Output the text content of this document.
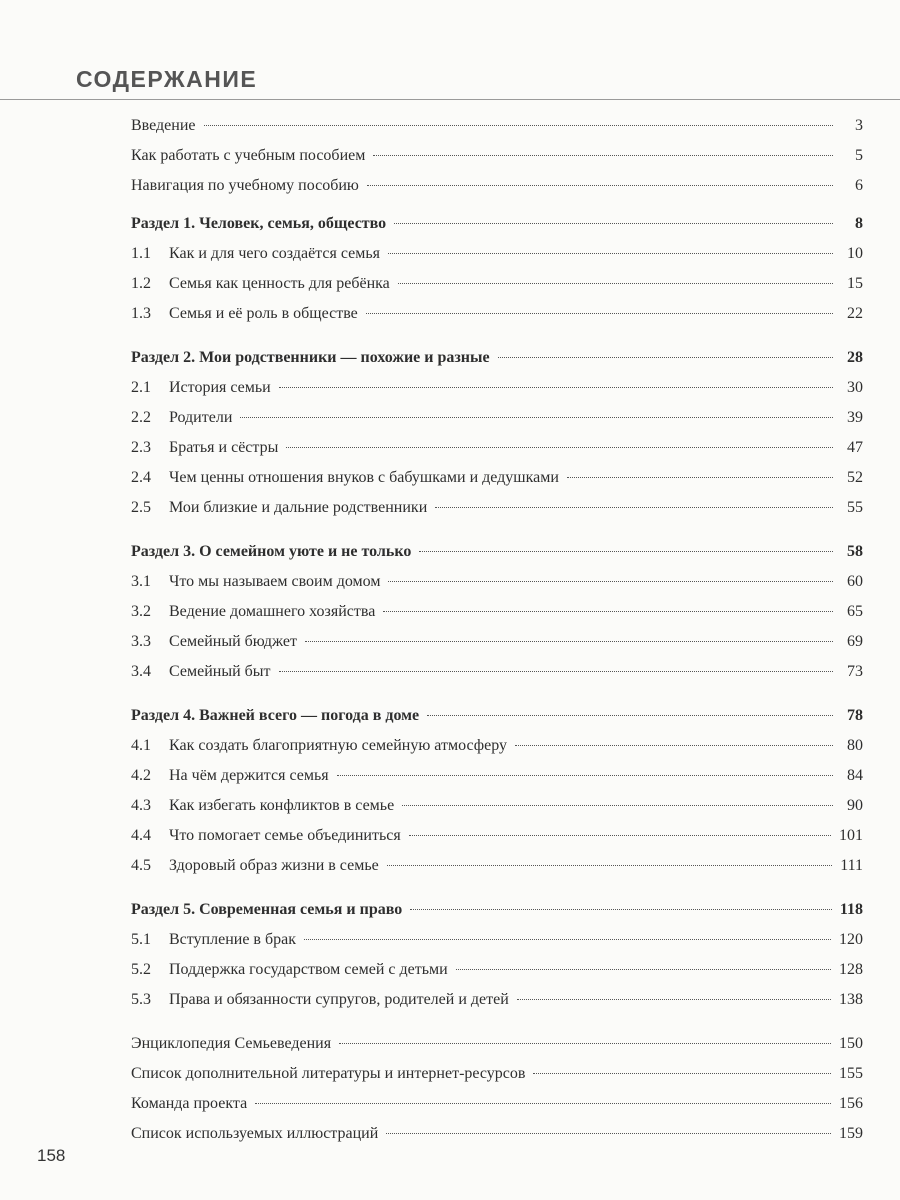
СОДЕРЖАНИЕ
Введение	3
Как работать с учебным пособием	5
Навигация по учебному пособию	6
Раздел 1. Человек, семья, общество	8
1.1	Как и для чего создаётся семья	10
1.2	Семья как ценность для ребёнка	15
1.3	Семья и её роль в обществе	22
Раздел 2. Мои родственники — похожие и разные	28
2.1	История семьи	30
2.2	Родители	39
2.3	Братья и сёстры	47
2.4	Чем ценны отношения внуков с бабушками и дедушками	52
2.5	Мои близкие и дальние родственники	55
Раздел 3. О семейном уюте и не только	58
3.1	Что мы называем своим домом	60
3.2	Ведение домашнего хозяйства	65
3.3	Семейный бюджет	69
3.4	Семейный быт	73
Раздел 4. Важней всего — погода в доме	78
4.1	Как создать благоприятную семейную атмосферу	80
4.2	На чём держится семья	84
4.3	Как избегать конфликтов в семье	90
4.4	Что помогает семье объединиться	101
4.5	Здоровый образ жизни в семье	111
Раздел 5. Современная семья и право	118
5.1	Вступление в брак	120
5.2	Поддержка государством семей с детьми	128
5.3	Права и обязанности супругов, родителей и детей	138
Энциклопедия Семьеведения	150
Список дополнительной литературы и интернет-ресурсов	155
Команда проекта	156
Список используемых иллюстраций	159
158
